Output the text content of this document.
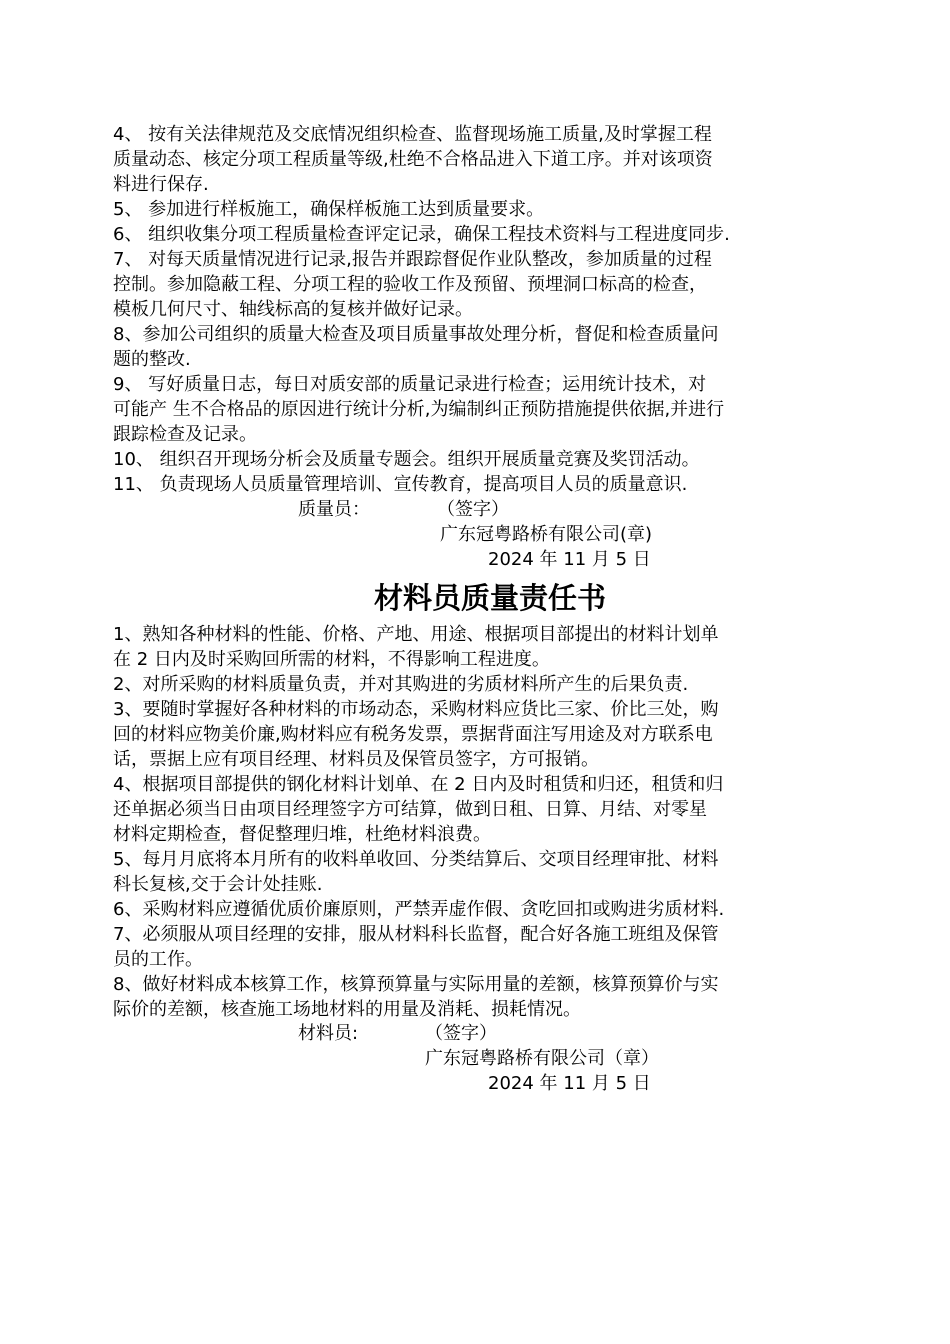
4、 按有关法律规范及交底情况组织检查、监督现场施工质量,及时掌握工程
质量动态、核定分项工程质量等级,杜绝不合格品进入下道工序。并对该项资
料进行保存.
5、 参加进行样板施工，确保样板施工达到质量要求。
6、 组织收集分项工程质量检查评定记录，确保工程技术资料与工程进度同步.
7、 对每天质量情况进行记录,报告并跟踪督促作业队整改，参加质量的过程
控制。参加隐蔽工程、分项工程的验收工作及预留、预埋洞口标高的检查，
模板几何尺寸、轴线标高的复核并做好记录。
8、参加公司组织的质量大检查及项目质量事故处理分析，督促和检查质量问
题的整改.
9、 写好质量日志，每日对质安部的质量记录进行检查；运用统计技术，对
可能产 生不合格品的原因进行统计分析,为编制纠正预防措施提供依据,并进行
跟踪检查及记录。
10、 组织召开现场分析会及质量专题会。组织开展质量竞赛及奖罚活动。
11、 负责现场人员质量管理培训、宣传教育，提高项目人员的质量意识.
质量员：	（签字）
广东冠粤路桥有限公司(章)
2024 年 11 月 5 日
材料员质量责任书
1、熟知各种材料的性能、价格、产地、用途、根据项目部提出的材料计划单
在 2 日内及时采购回所需的材料，不得影响工程进度。
2、对所采购的材料质量负责，并对其购进的劣质材料所产生的后果负责.
3、要随时掌握好各种材料的市场动态，采购材料应货比三家、价比三处，购
回的材料应物美价廉,购材料应有税务发票，票据背面注写用途及对方联系电
话，票据上应有项目经理、材料员及保管员签字，方可报销。
4、根据项目部提供的钢化材料计划单、在 2 日内及时租赁和归还，租赁和归
还单据必须当日由项目经理签字方可结算，做到日租、日算、月结、对零星
材料定期检查，督促整理归堆，杜绝材料浪费。
5、每月月底将本月所有的收料单收回、分类结算后、交项目经理审批、材料
科长复核,交于会计处挂账.
6、采购材料应遵循优质价廉原则，严禁弄虚作假、贪吃回扣或购进劣质材料.
7、必须服从项目经理的安排，服从材料科长监督，配合好各施工班组及保管
员的工作。
8、做好材料成本核算工作，核算预算量与实际用量的差额，核算预算价与实
际价的差额，核查施工场地材料的用量及消耗、损耗情况。
材料员:	（签字）
广东冠粤路桥有限公司（章）
2024 年 11 月 5 日
